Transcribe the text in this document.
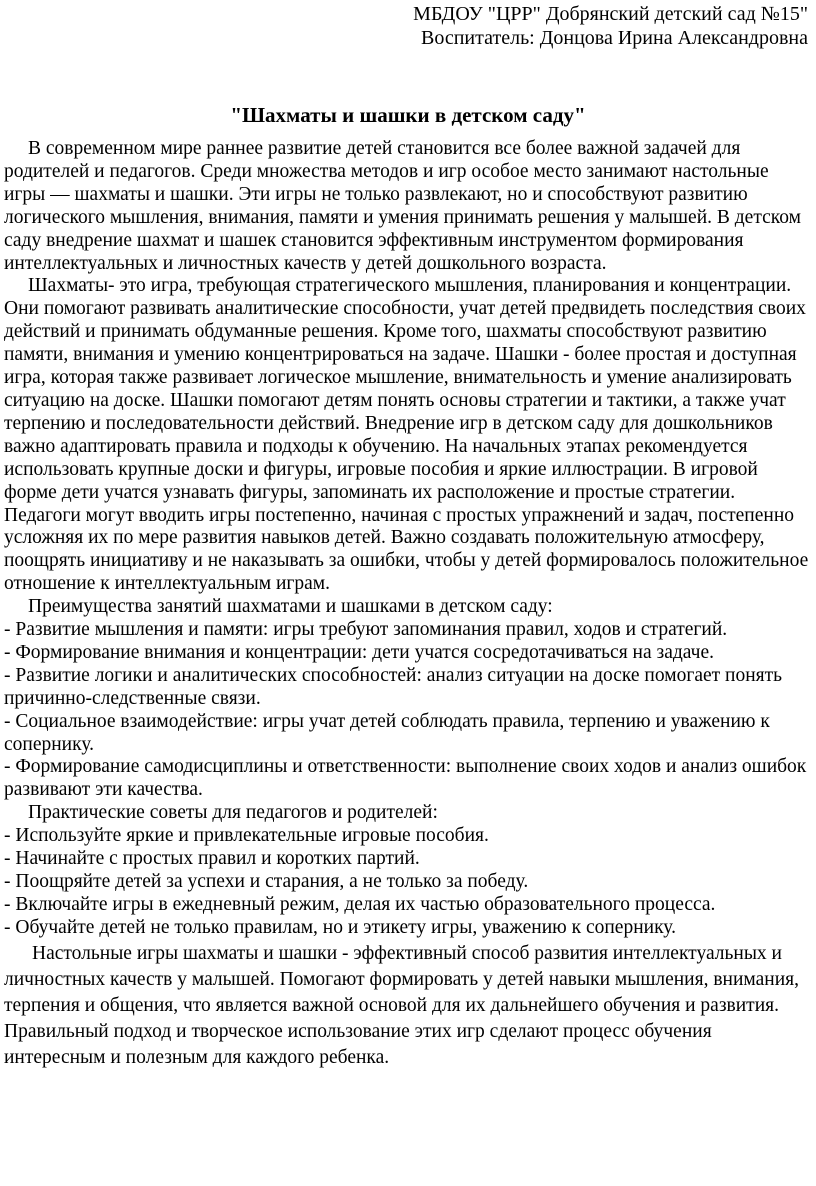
МБДОУ "ЦРР" Добрянский детский сад №15"
Воспитатель: Донцова Ирина Александровна
"Шахматы и шашки в детском саду"

В современном мире раннее развитие детей становится все более важной задачей для родителей и педагогов. Среди множества методов и игр особое место занимают настольные игры — шахматы и шашки. Эти игры не только развлекают, но и способствуют развитию логического мышления, внимания, памяти и умения принимать решения у малышей. В детском саду внедрение шахмат и шашек становится эффективным инструментом формирования интеллектуальных и личностных качеств у детей дошкольного возраста.

Шахматы- это игра, требующая стратегического мышления, планирования и концентрации. Они помогают развивать аналитические способности, учат детей предвидеть последствия своих действий и принимать обдуманные решения. Кроме того, шахматы способствуют развитию памяти, внимания и умению концентрироваться на задаче. Шашки - более простая и доступная игра, которая также развивает логическое мышление, внимательность и умение анализировать ситуацию на доске. Шашки помогают детям понять основы стратегии и тактики, а также учат терпению и последовательности действий. Внедрение игр в детском саду для дошкольников важно адаптировать правила и подходы к обучению. На начальных этапах рекомендуется использовать крупные доски и фигуры, игровые пособия и яркие иллюстрации. В игровой форме дети учатся узнавать фигуры, запоминать их расположение и простые стратегии. Педагоги могут вводить игры постепенно, начиная с простых упражнений и задач, постепенно усложняя их по мере развития навыков детей. Важно создавать положительную атмосферу, поощрять инициативу и не наказывать за ошибки, чтобы у детей формировалось положительное отношение к интеллектуальным играм.

Преимущества занятий шахматами и шашками в детском саду:

- Развитие мышления и памяти: игры требуют запоминания правил, ходов и стратегий.

- Формирование внимания и концентрации: дети учатся сосредотачиваться на задаче.

- Развитие логики и аналитических способностей: анализ ситуации на доске помогает понять причинно-следственные связи.

- Социальное взаимодействие: игры учат детей соблюдать правила, терпению и уважению к сопернику.

- Формирование самодисциплины и ответственности: выполнение своих ходов и анализ ошибок развивают эти качества.

Практические советы для педагогов и родителей:

- Используйте яркие и привлекательные игровые пособия.

- Начинайте с простых правил и коротких партий.

- Поощряйте детей за успехи и старания, а не только за победу.

- Включайте игры в ежедневный режим, делая их частью образовательного процесса.

- Обучайте детей не только правилам, но и этикету игры, уважению к сопернику.

Настольные игры шахматы и шашки - эффективный способ развития интеллектуальных и личностных качеств у малышей. Помогают формировать у детей навыки мышления, внимания, терпения и общения, что является важной основой для их дальнейшего обучения и развития. Правильный подход и творческое использование этих игр сделают процесс обучения интересным и полезным для каждого ребенка.
